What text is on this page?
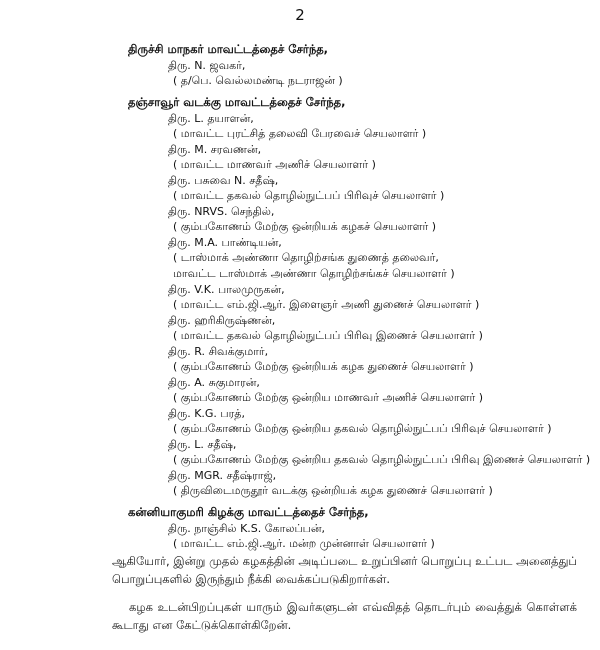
2
திருச்சி மாநகர் மாவட்டத்தைச் சேர்ந்த,
திரு. N. ஜவகர்,
( த/பெ. வெல்லமண்டி நடராஜன் )
தஞ்சாவூர் வடக்கு மாவட்டத்தைச் சேர்ந்த,
திரு. L. தயாளன்,
( மாவட்ட புரட்சித் தலைவி பேரவைச் செயலாளர் )
திரு. M. சரவணன்,
( மாவட்ட மாணவர் அணிச் செயலாளர் )
திரு. பசுவை N. சதீஷ்,
( மாவட்ட தகவல் தொழில்நுட்பப் பிரிவுச் செயலாளர் )
திரு. NRVS. செந்தில்,
( கும்பகோணம் மேற்கு ஒன்றியக் கழகச் செயலாளர் )
திரு. M.A. பாண்டியன்,
( டாஸ்மாக் அண்ணா தொழிற்சங்க துணைத் தலைவர்,
மாவட்ட டாஸ்மாக் அண்ணா தொழிற்சங்கச் செயலாளர் )
திரு. V.K. பாலமுருகன்,
( மாவட்ட எம்.ஜி.ஆர். இளைஞர் அணி துணைச் செயலாளர் )
திரு. ஹரிகிருஷ்ணன்,
( மாவட்ட தகவல் தொழில்நுட்பப் பிரிவு இணைச் செயலாளர் )
திரு. R. சிவக்குமார்,
( கும்பகோணம் மேற்கு ஒன்றியக் கழக துணைச் செயலாளர் )
திரு. A. சுகுமாரன்,
( கும்பகோணம் மேற்கு ஒன்றிய மாணவர் அணிச் செயலாளர் )
திரு. K.G. பரத்,
( கும்பகோணம் மேற்கு ஒன்றிய தகவல் தொழில்நுட்பப் பிரிவுச் செயலாளர் )
திரு. L. சதீஷ்,
( கும்பகோணம் மேற்கு ஒன்றிய தகவல் தொழில்நுட்பப் பிரிவு இணைச் செயலாளர் )
திரு. MGR. சதீஷ்ராஜ்,
( திருவிடைமருதூர் வடக்கு ஒன்றியக் கழக துணைச் செயலாளர் )
கன்னியாகுமரி கிழக்கு மாவட்டத்தைச் சேர்ந்த,
திரு. நாஞ்சில் K.S. கோலப்பன்,
( மாவட்ட எம்.ஜி.ஆர். மன்ற முன்னாள் செயலாளர் )
ஆகியோர், இன்று முதல் கழகத்தின் அடிப்படை உறுப்பினர் பொறுப்பு உட்பட அனைத்துப் பொறுப்புகளில் இருந்தும் நீக்கி வைக்கப்படுகிறார்கள்.
கழக உடன்பிறப்புகள் யாரும் இவர்களுடன் எவ்விதத் தொடர்பும் வைத்துக் கொள்ளக் கூடாது என கேட்டுக்கொள்கிறேன்.
